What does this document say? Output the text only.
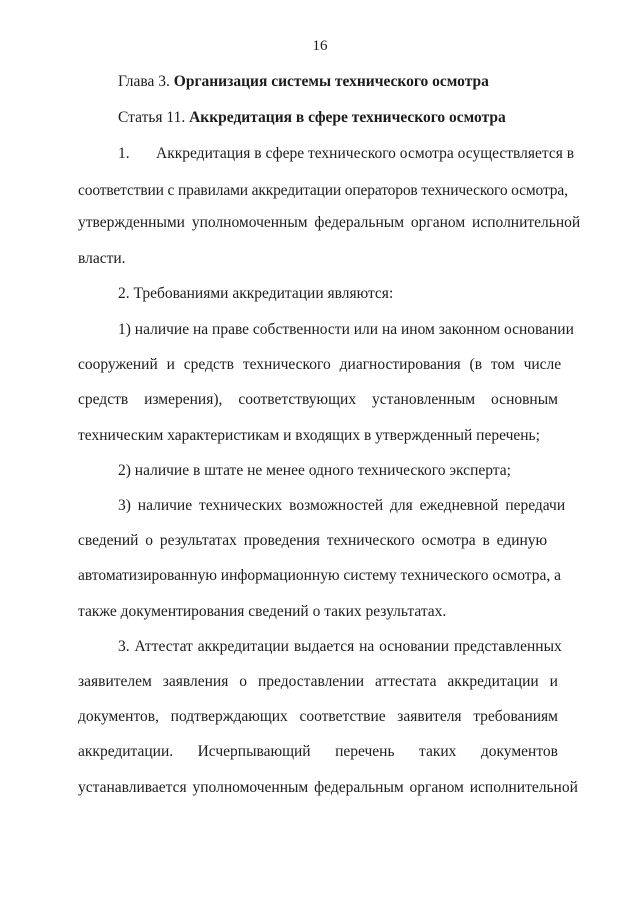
16
Глава 3. Организация системы технического осмотра
Статья 11. Аккредитация в сфере технического осмотра
1. Аккредитация в сфере технического осмотра осуществляется в
соответствии с правилами аккредитации операторов технического осмотра,
утвержденными уполномоченным федеральным органом исполнительной
власти.
2. Требованиями аккредитации являются:
1) наличие на праве собственности или на ином законном основании
сооружений и средств технического диагностирования (в том числе
средств измерения), соответствующих установленным основным
техническим характеристикам и входящих в утвержденный перечень;
2) наличие в штате не менее одного технического эксперта;
3) наличие технических возможностей для ежедневной передачи
сведений о результатах проведения технического осмотра в единую
автоматизированную информационную систему технического осмотра, а
также документирования сведений о таких результатах.
3. Аттестат аккредитации выдается на основании представленных
заявителем заявления о предоставлении аттестата аккредитации и
документов, подтверждающих соответствие заявителя требованиям
аккредитации. Исчерпывающий перечень таких документов
устанавливается уполномоченным федеральным органом исполнительной
